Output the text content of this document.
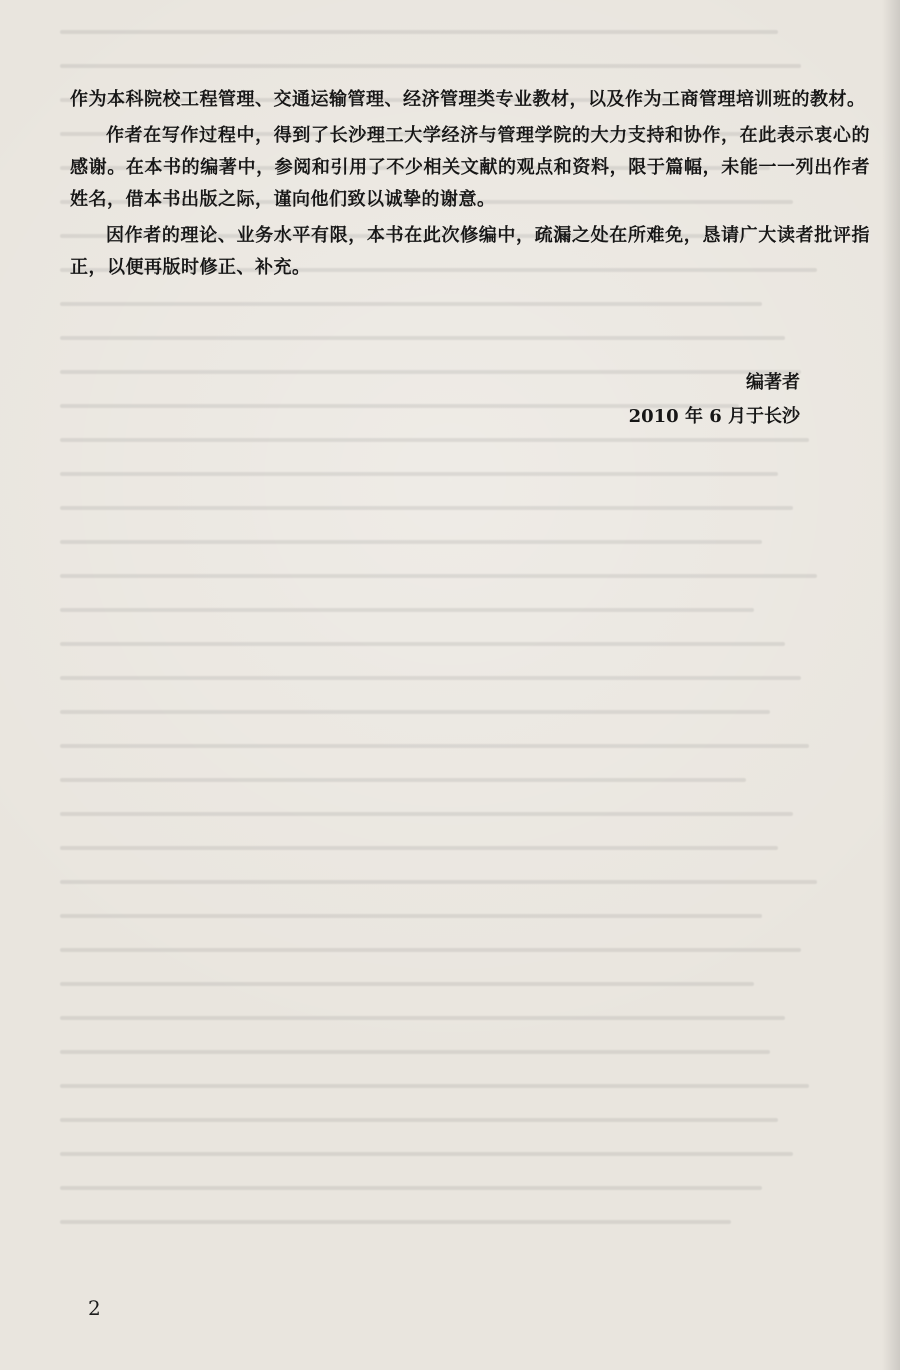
作为本科院校工程管理、交通运输管理、经济管理类专业教材，以及作为工商管理培训班的教材。

作者在写作过程中，得到了长沙理工大学经济与管理学院的大力支持和协作，在此表示衷心的感谢。在本书的编著中，参阅和引用了不少相关文献的观点和资料，限于篇幅，未能一一列出作者姓名，借本书出版之际，谨向他们致以诚挚的谢意。

因作者的理论、业务水平有限，本书在此次修编中，疏漏之处在所难免，恳请广大读者批评指正，以便再版时修正、补充。

编著者
2010 年 6 月于长沙
2
